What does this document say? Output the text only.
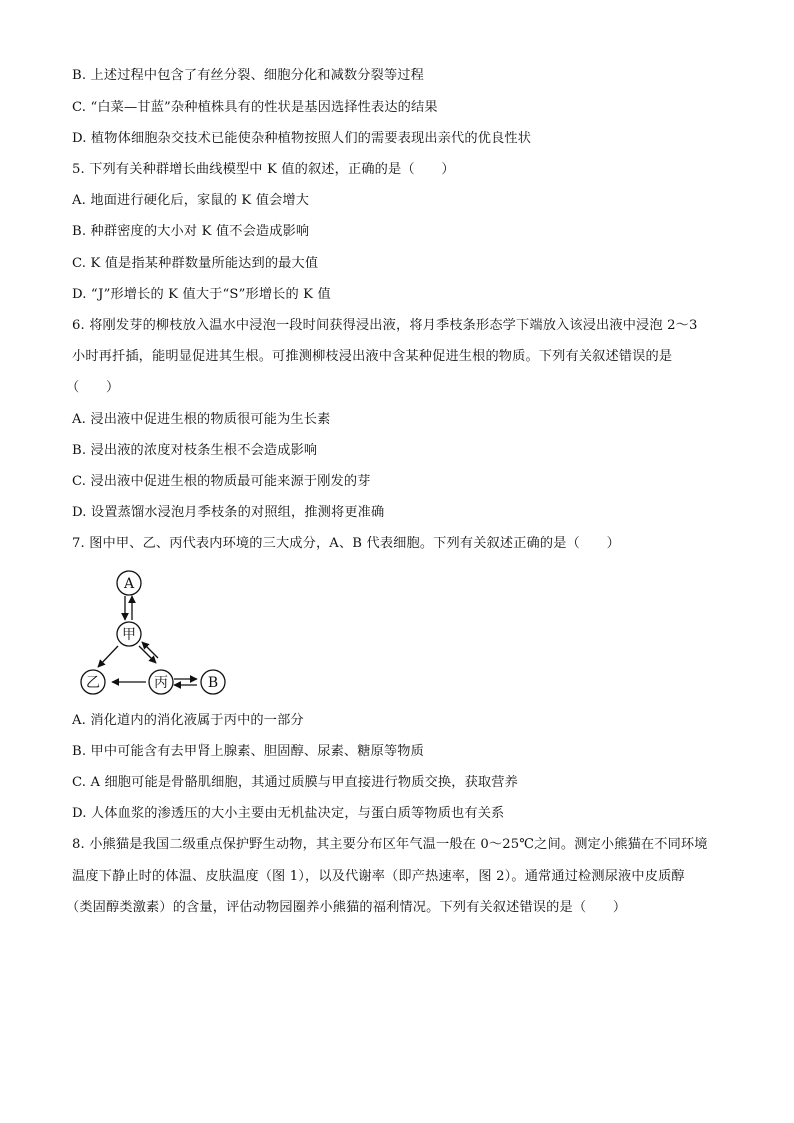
B. 上述过程中包含了有丝分裂、细胞分化和减数分裂等过程
C. “白菜—甘蓝”杂种植株具有的性状是基因选择性表达的结果
D. 植物体细胞杂交技术已能使杂种植物按照人们的需要表现出亲代的优良性状
5. 下列有关种群增长曲线模型中 K 值的叙述，正确的是（　　）
A. 地面进行硬化后，家鼠的 K 值会增大
B. 种群密度的大小对 K 值不会造成影响
C. K 值是指某种群数量所能达到的最大值
D. “J”形增长的 K 值大于“S”形增长的 K 值
6. 将刚发芽的柳枝放入温水中浸泡一段时间获得浸出液，将月季枝条形态学下端放入该浸出液中浸泡 2～3
小时再扦插，能明显促进其生根。可推测柳枝浸出液中含某种促进生根的物质。下列有关叙述错误的是
（　　）
A. 浸出液中促进生根的物质很可能为生长素
B. 浸出液的浓度对枝条生根不会造成影响
C. 浸出液中促进生根的物质最可能来源于刚发的芽
D. 设置蒸馏水浸泡月季枝条的对照组，推测将更准确
7. 图中甲、乙、丙代表内环境的三大成分，A、B 代表细胞。下列有关叙述正确的是（　　）
A. 消化道内的消化液属于丙中的一部分
B. 甲中可能含有去甲肾上腺素、胆固醇、尿素、糖原等物质
C. A 细胞可能是骨骼肌细胞，其通过质膜与甲直接进行物质交换，获取营养
D. 人体血浆的渗透压的大小主要由无机盐决定，与蛋白质等物质也有关系
8. 小熊猫是我国二级重点保护野生动物，其主要分布区年气温一般在 0～25℃之间。测定小熊猫在不同环境
温度下静止时的体温、皮肤温度（图 1），以及代谢率（即产热速率，图 2）。通常通过检测尿液中皮质醇
（类固醇类激素）的含量，评估动物园圈养小熊猫的福利情况。下列有关叙述错误的是（　　）
A
甲
乙	丙	B
